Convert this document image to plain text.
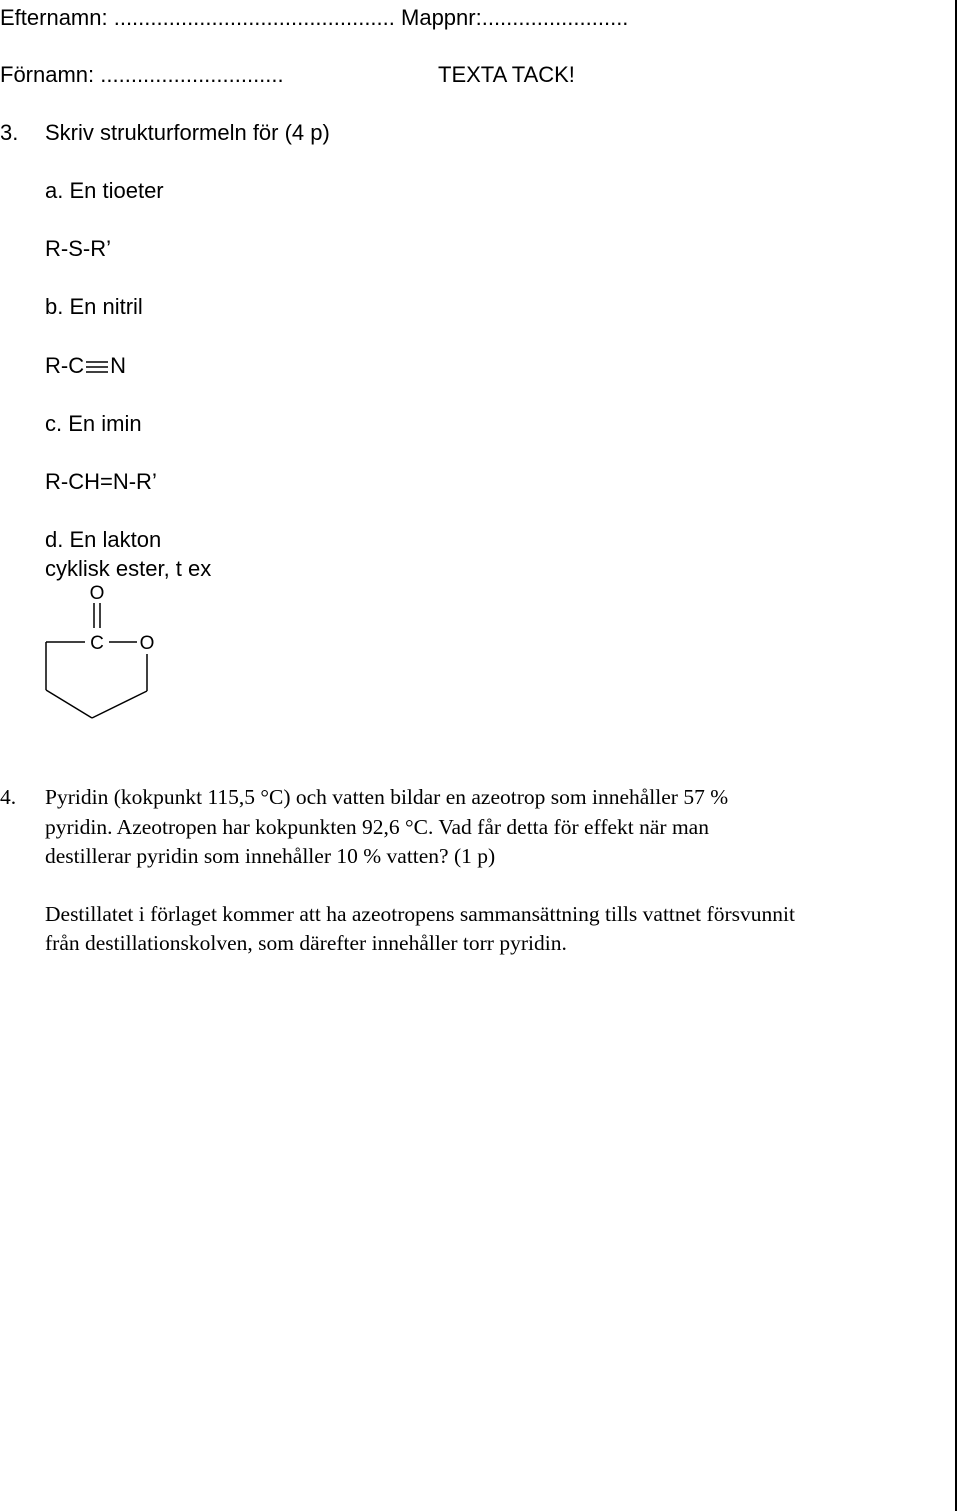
Efternamn: .............................................. Mappnr:........................
Förnamn: ..............................	TEXTA TACK!
3. Skriv strukturformeln för (4 p)
a. En tioeter
R-S-R’
b. En nitril
R-C N
c. En imin
R-CH=N-R’
d. En lakton
cyklisk ester, t ex
O
C O
4. Pyridin (kokpunkt 115,5 °C) och vatten bildar en azeotrop som innehåller 57 %
pyridin. Azeotropen har kokpunkten 92,6 °C. Vad får detta för effekt när man
destillerar pyridin som innehåller 10 % vatten? (1 p)
Destillatet i förlaget kommer att ha azeotropens sammansättning tills vattnet försvunnit
från destillationskolven, som därefter innehåller torr pyridin.
